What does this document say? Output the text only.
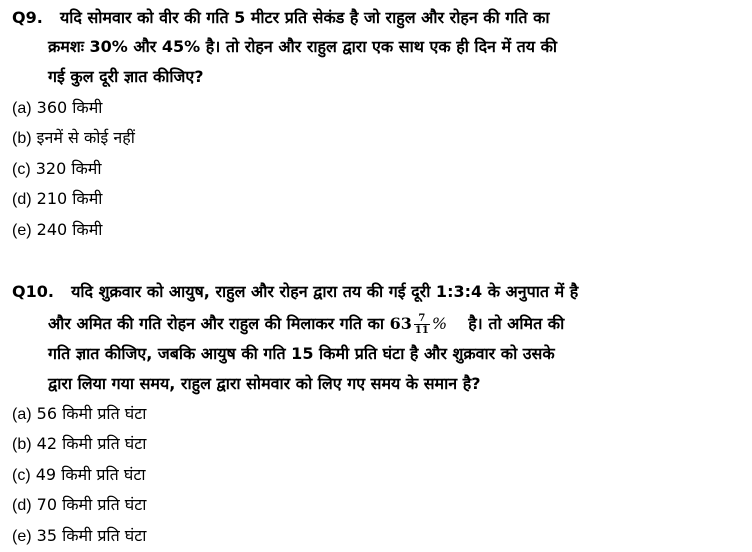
Q9. यदि सोमवार को वीर की गति 5 मीटर प्रति सेकंड है जो राहुल और रोहन की गति का
क्रमशः 30% और 45% है। तो रोहन और राहुल द्वारा एक साथ एक ही दिन में तय की
गई कुल दूरी ज्ञात कीजिए?
(a) 360 किमी
(b) इनमें से कोई नहीं
(c) 320 किमी
(d) 210 किमी
(e) 240 किमी
Q10. यदि शुक्रवार को आयुष, राहुल और रोहन द्वारा तय की गई दूरी 1:3:4 के अनुपात में है
और अमित की गति रोहन और राहुल की मिलाकर गति का $63 \frac{7}{11}$ % है। तो अमित की
गति ज्ञात कीजिए, जबकि आयुष की गति 15 किमी प्रति घंटा है और शुक्रवार को उसके
द्वारा लिया गया समय, राहुल द्वारा सोमवार को लिए गए समय के समान है?
(a) 56 किमी प्रति घंटा
(b) 42 किमी प्रति घंटा
(c) 49 किमी प्रति घंटा
(d) 70 किमी प्रति घंटा
(e) 35 किमी प्रति घंटा
